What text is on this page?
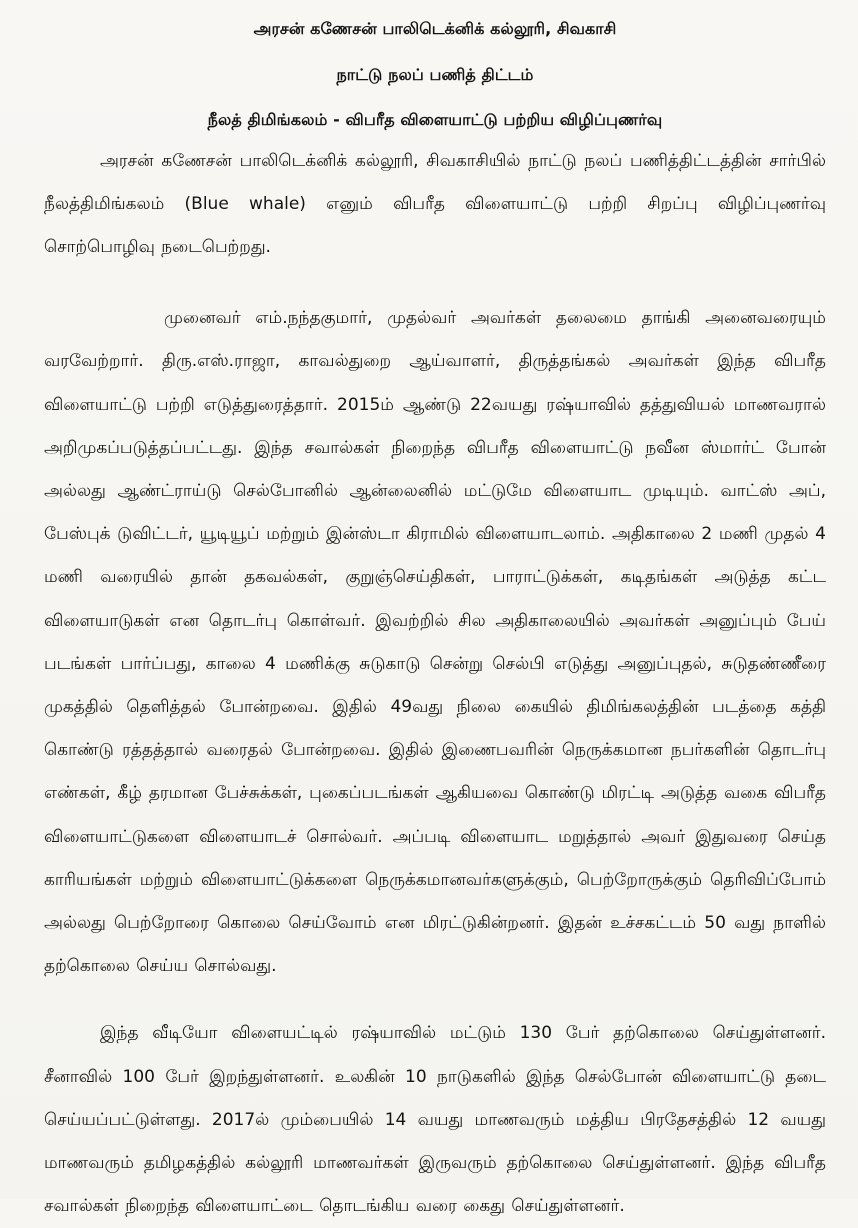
அரசன் கணேசன் பாலிடெக்னிக் கல்லூரி, சிவகாசி
நாட்டு நலப் பணித் திட்டம்
நீலத் திமிங்கலம் - விபரீத விளையாட்டு பற்றிய விழிப்புணர்வு

அரசன் கணேசன் பாலிடெக்னிக் கல்லூரி, சிவகாசியில் நாட்டு நலப் பணித்திட்டத்தின் சார்பில் நீலத்திமிங்கலம் (Blue whale) எனும் விபரீத விளையாட்டு பற்றி சிறப்பு விழிப்புணர்வு சொற்பொழிவு நடைபெற்றது.

முனைவர் எம்.நந்தகுமார், முதல்வர் அவர்கள் தலைமை தாங்கி அனைவரையும் வரவேற்றார். திரு.எஸ்.ராஜா, காவல்துறை ஆய்வாளர், திருத்தங்கல் அவர்கள் இந்த விபரீத விளையாட்டு பற்றி எடுத்துரைத்தார். 2015ம் ஆண்டு 22வயது ரஷ்யாவில் தத்துவியல் மாணவரால் அறிமுகப்படுத்தப்பட்டது. இந்த சவால்கள் நிறைந்த விபரீத விளையாட்டு நவீன ஸ்மார்ட் போன் அல்லது ஆண்ட்ராய்டு செல்போனில் ஆன்லைனில் மட்டுமே விளையாட முடியும். வாட்ஸ் அப், பேஸ்புக் டுவிட்டர், யூடியூப் மற்றும் இன்ஸ்டா கிராமில் விளையாடலாம். அதிகாலை 2 மணி முதல் 4 மணி வரையில் தான் தகவல்கள், குறுஞ்செய்திகள், பாராட்டுக்கள், கடிதங்கள் அடுத்த கட்ட விளையாடுகள் என தொடர்பு கொள்வர். இவற்றில் சில அதிகாலையில் அவர்கள் அனுப்பும் பேய் படங்கள் பார்ப்பது, காலை 4 மணிக்கு சுடுகாடு சென்று செல்பி எடுத்து அனுப்புதல், சுடுதண்ணீரை முகத்தில் தெளித்தல் போன்றவை. இதில் 49வது நிலை கையில் திமிங்கலத்தின் படத்தை கத்தி கொண்டு ரத்தத்தால் வரைதல் போன்றவை. இதில் இணைபவரின் நெருக்கமான நபர்களின் தொடர்பு எண்கள், கீழ் தரமான பேச்சுக்கள், புகைப்படங்கள் ஆகியவை கொண்டு மிரட்டி அடுத்த வகை விபரீத விளையாட்டுகளை விளையாடச் சொல்வர். அப்படி விளையாட மறுத்தால் அவர் இதுவரை செய்த காரியங்கள் மற்றும் விளையாட்டுக்களை நெருக்கமானவர்களுக்கும், பெற்றோருக்கும் தெரிவிப்போம் அல்லது பெற்றோரை கொலை செய்வோம் என மிரட்டுகின்றனர். இதன் உச்சகட்டம் 50 வது நாளில் தற்கொலை செய்ய சொல்வது.

இந்த வீடியோ விளையட்டில் ரஷ்யாவில் மட்டும் 130 பேர் தற்கொலை செய்துள்ளனர். சீனாவில் 100 பேர் இறந்துள்ளனர். உலகின் 10 நாடுகளில் இந்த செல்போன் விளையாட்டு தடை செய்யப்பட்டுள்ளது. 2017ல் மும்பையில் 14 வயது மாணவரும் மத்திய பிரதேசத்தில் 12 வயது மாணவரும் தமிழகத்தில் கல்லூரி மாணவர்கள் இருவரும் தற்கொலை செய்துள்ளனர். இந்த விபரீத சவால்கள் நிறைந்த விளையாட்டை தொடங்கிய வரை கைது செய்துள்ளனர்.
